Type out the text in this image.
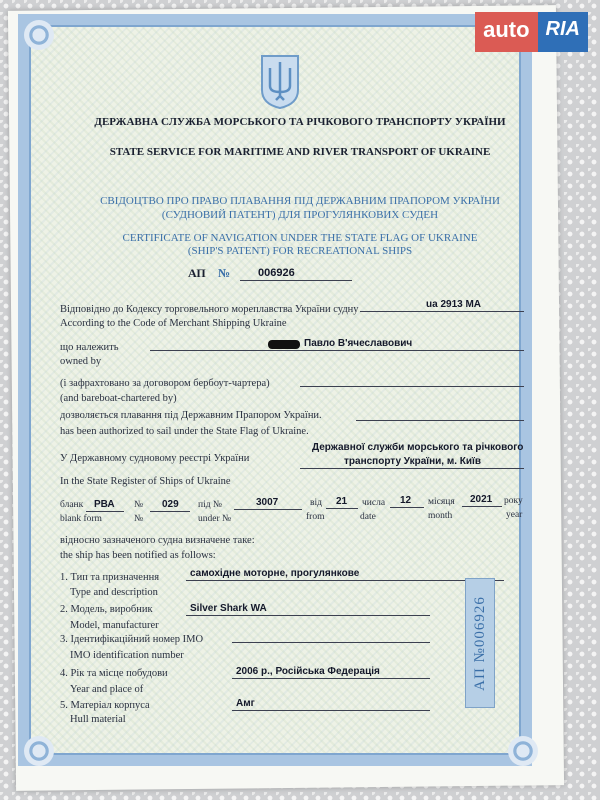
auto RIA
ДЕРЖАВНА СЛУЖБА МОРСЬКОГО ТА РІЧКОВОГО ТРАНСПОРТУ УКРАЇНИ
STATE SERVICE FOR MARITIME AND RIVER TRANSPORT OF UKRAINE
СВІДОЦТВО ПРО ПРАВО ПЛАВАННЯ ПІД ДЕРЖАВНИМ ПРАПОРОМ УКРАЇНИ
(СУДНОВИЙ ПАТЕНТ) ДЛЯ ПРОГУЛЯНКОВИХ СУДЕН
CERTIFICATE OF NAVIGATION UNDER THE STATE FLAG OF UKRAINE
(SHIP'S PATENT) FOR RECREATIONAL SHIPS
АП №	006926
Відповідно до Кодексу торговельного мореплавства України судну
According to the Code of Merchant Shipping Ukraine
ua 2913 MA
що належить
owned by
Павло В'ячеславович
(і зафрахтовано за договором бербоут-чартера)
(and bareboat-chartered by)
дозволяється плавання під Державним Прапором України.
has been authorized to sail under the State Flag of Ukraine.
У Державному судновому реєстрі України
In the State Register of Ships of Ukraine
Державної служби морського та річкового
транспорту України, м. Київ
бланк
blank form
РВА №
№
029 під №
under №
3007	від
from
21 числа
date
12 місяця
month
2021 року
year
відносно зазначеного судна визначене таке:
the ship has been notified as follows:
1. Тип та призначення
Type and description
самохідне моторне, прогулянкове
2. Модель, виробник
Model, manufacturer
Silver Shark WA
3. Ідентифікаційний номер IMO
IMO identification number
4. Рік та місце побудови
Year and place of
2006 р., Російська Федерація
5. Матеріал корпуса
Hull material
Амг
АП №006926
